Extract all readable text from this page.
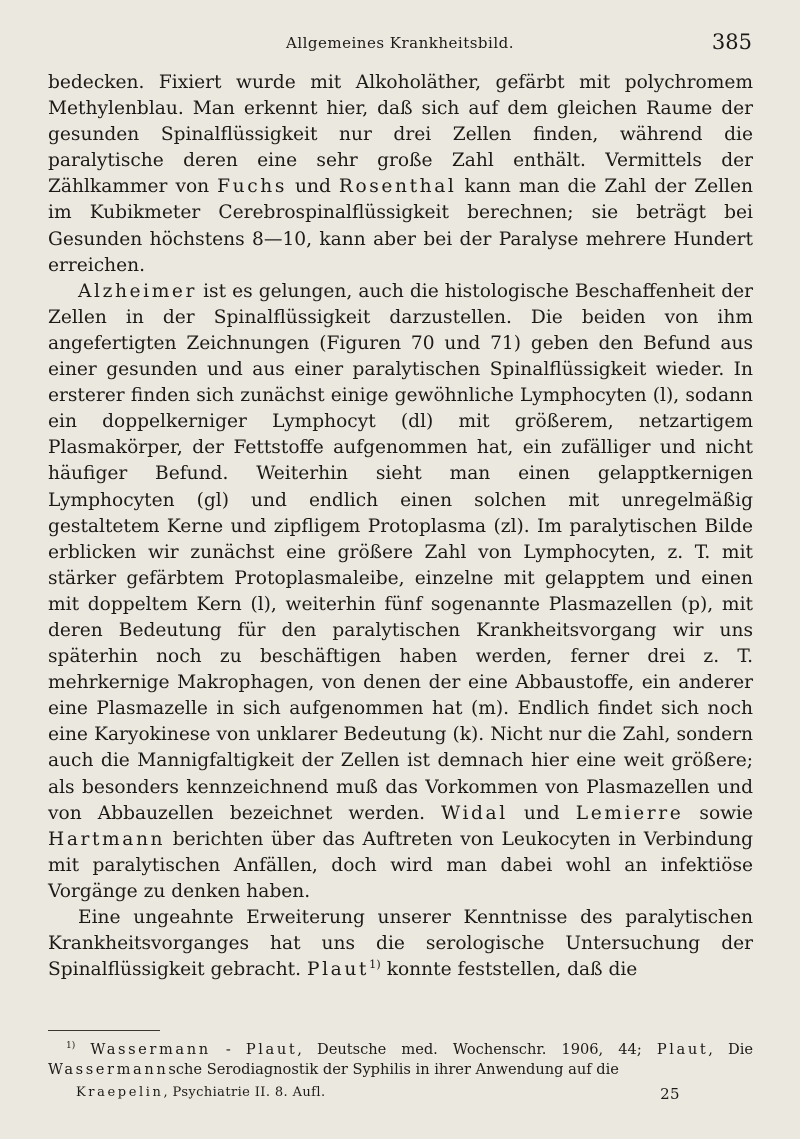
Allgemeines Krankheitsbild.	385

bedecken. Fixiert wurde mit Alkoholäther, gefärbt mit polychromem Methylenblau. Man erkennt hier, daß sich auf dem gleichen Raume der gesunden Spinalflüssigkeit nur drei Zellen finden, während die paralytische deren eine sehr große Zahl enthält. Vermittels der Zählkammer von Fuchs und Rosenthal kann man die Zahl der Zellen im Kubikmeter Cerebrospinalflüssigkeit berechnen; sie beträgt bei Gesunden höchstens 8—10, kann aber bei der Paralyse mehrere Hundert erreichen.

Alzheimer ist es gelungen, auch die histologische Beschaffenheit der Zellen in der Spinalflüssigkeit darzustellen. Die beiden von ihm angefertigten Zeichnungen (Figuren 70 und 71) geben den Befund aus einer gesunden und aus einer paralytischen Spinalflüssigkeit wieder. In ersterer finden sich zunächst einige gewöhnliche Lymphocyten (l), sodann ein doppelkerniger Lymphocyt (dl) mit größerem, netzartigem Plasmakörper, der Fettstoffe aufgenommen hat, ein zufälliger und nicht häufiger Befund. Weiterhin sieht man einen gelapptkernigen Lymphocyten (gl) und endlich einen solchen mit unregelmäßig gestaltetem Kerne und zipfligem Protoplasma (zl). Im paralytischen Bilde erblicken wir zunächst eine größere Zahl von Lymphocyten, z. T. mit stärker gefärbtem Protoplasmaleibe, einzelne mit gelapptem und einen mit doppeltem Kern (l), weiterhin fünf sogenannte Plasmazellen (p), mit deren Bedeutung für den paralytischen Krankheitsvorgang wir uns späterhin noch zu beschäftigen haben werden, ferner drei z. T. mehrkernige Makrophagen, von denen der eine Abbaustoffe, ein anderer eine Plasmazelle in sich aufgenommen hat (m). Endlich findet sich noch eine Karyokinese von unklarer Bedeutung (k). Nicht nur die Zahl, sondern auch die Mannigfaltigkeit der Zellen ist demnach hier eine weit größere; als besonders kennzeichnend muß das Vorkommen von Plasmazellen und von Abbauzellen bezeichnet werden. Widal und Lemierre sowie Hartmann berichten über das Auftreten von Leukocyten in Verbindung mit paralytischen Anfällen, doch wird man dabei wohl an infektiöse Vorgänge zu denken haben.

Eine ungeahnte Erweiterung unserer Kenntnisse des paralytischen Krankheitsvorganges hat uns die serologische Untersuchung der Spinalflüssigkeit gebracht. Plaut$^{1)}$ konnte feststellen, daß die

$^{1)}$ Wassermann - Plaut, Deutsche med. Wochenschr. 1906, 44; Plaut, Die Wassermannsche Serodiagnostik der Syphilis in ihrer Anwendung auf die

Kraepelin, Psychiatrie II. 8. Aufl.	25
